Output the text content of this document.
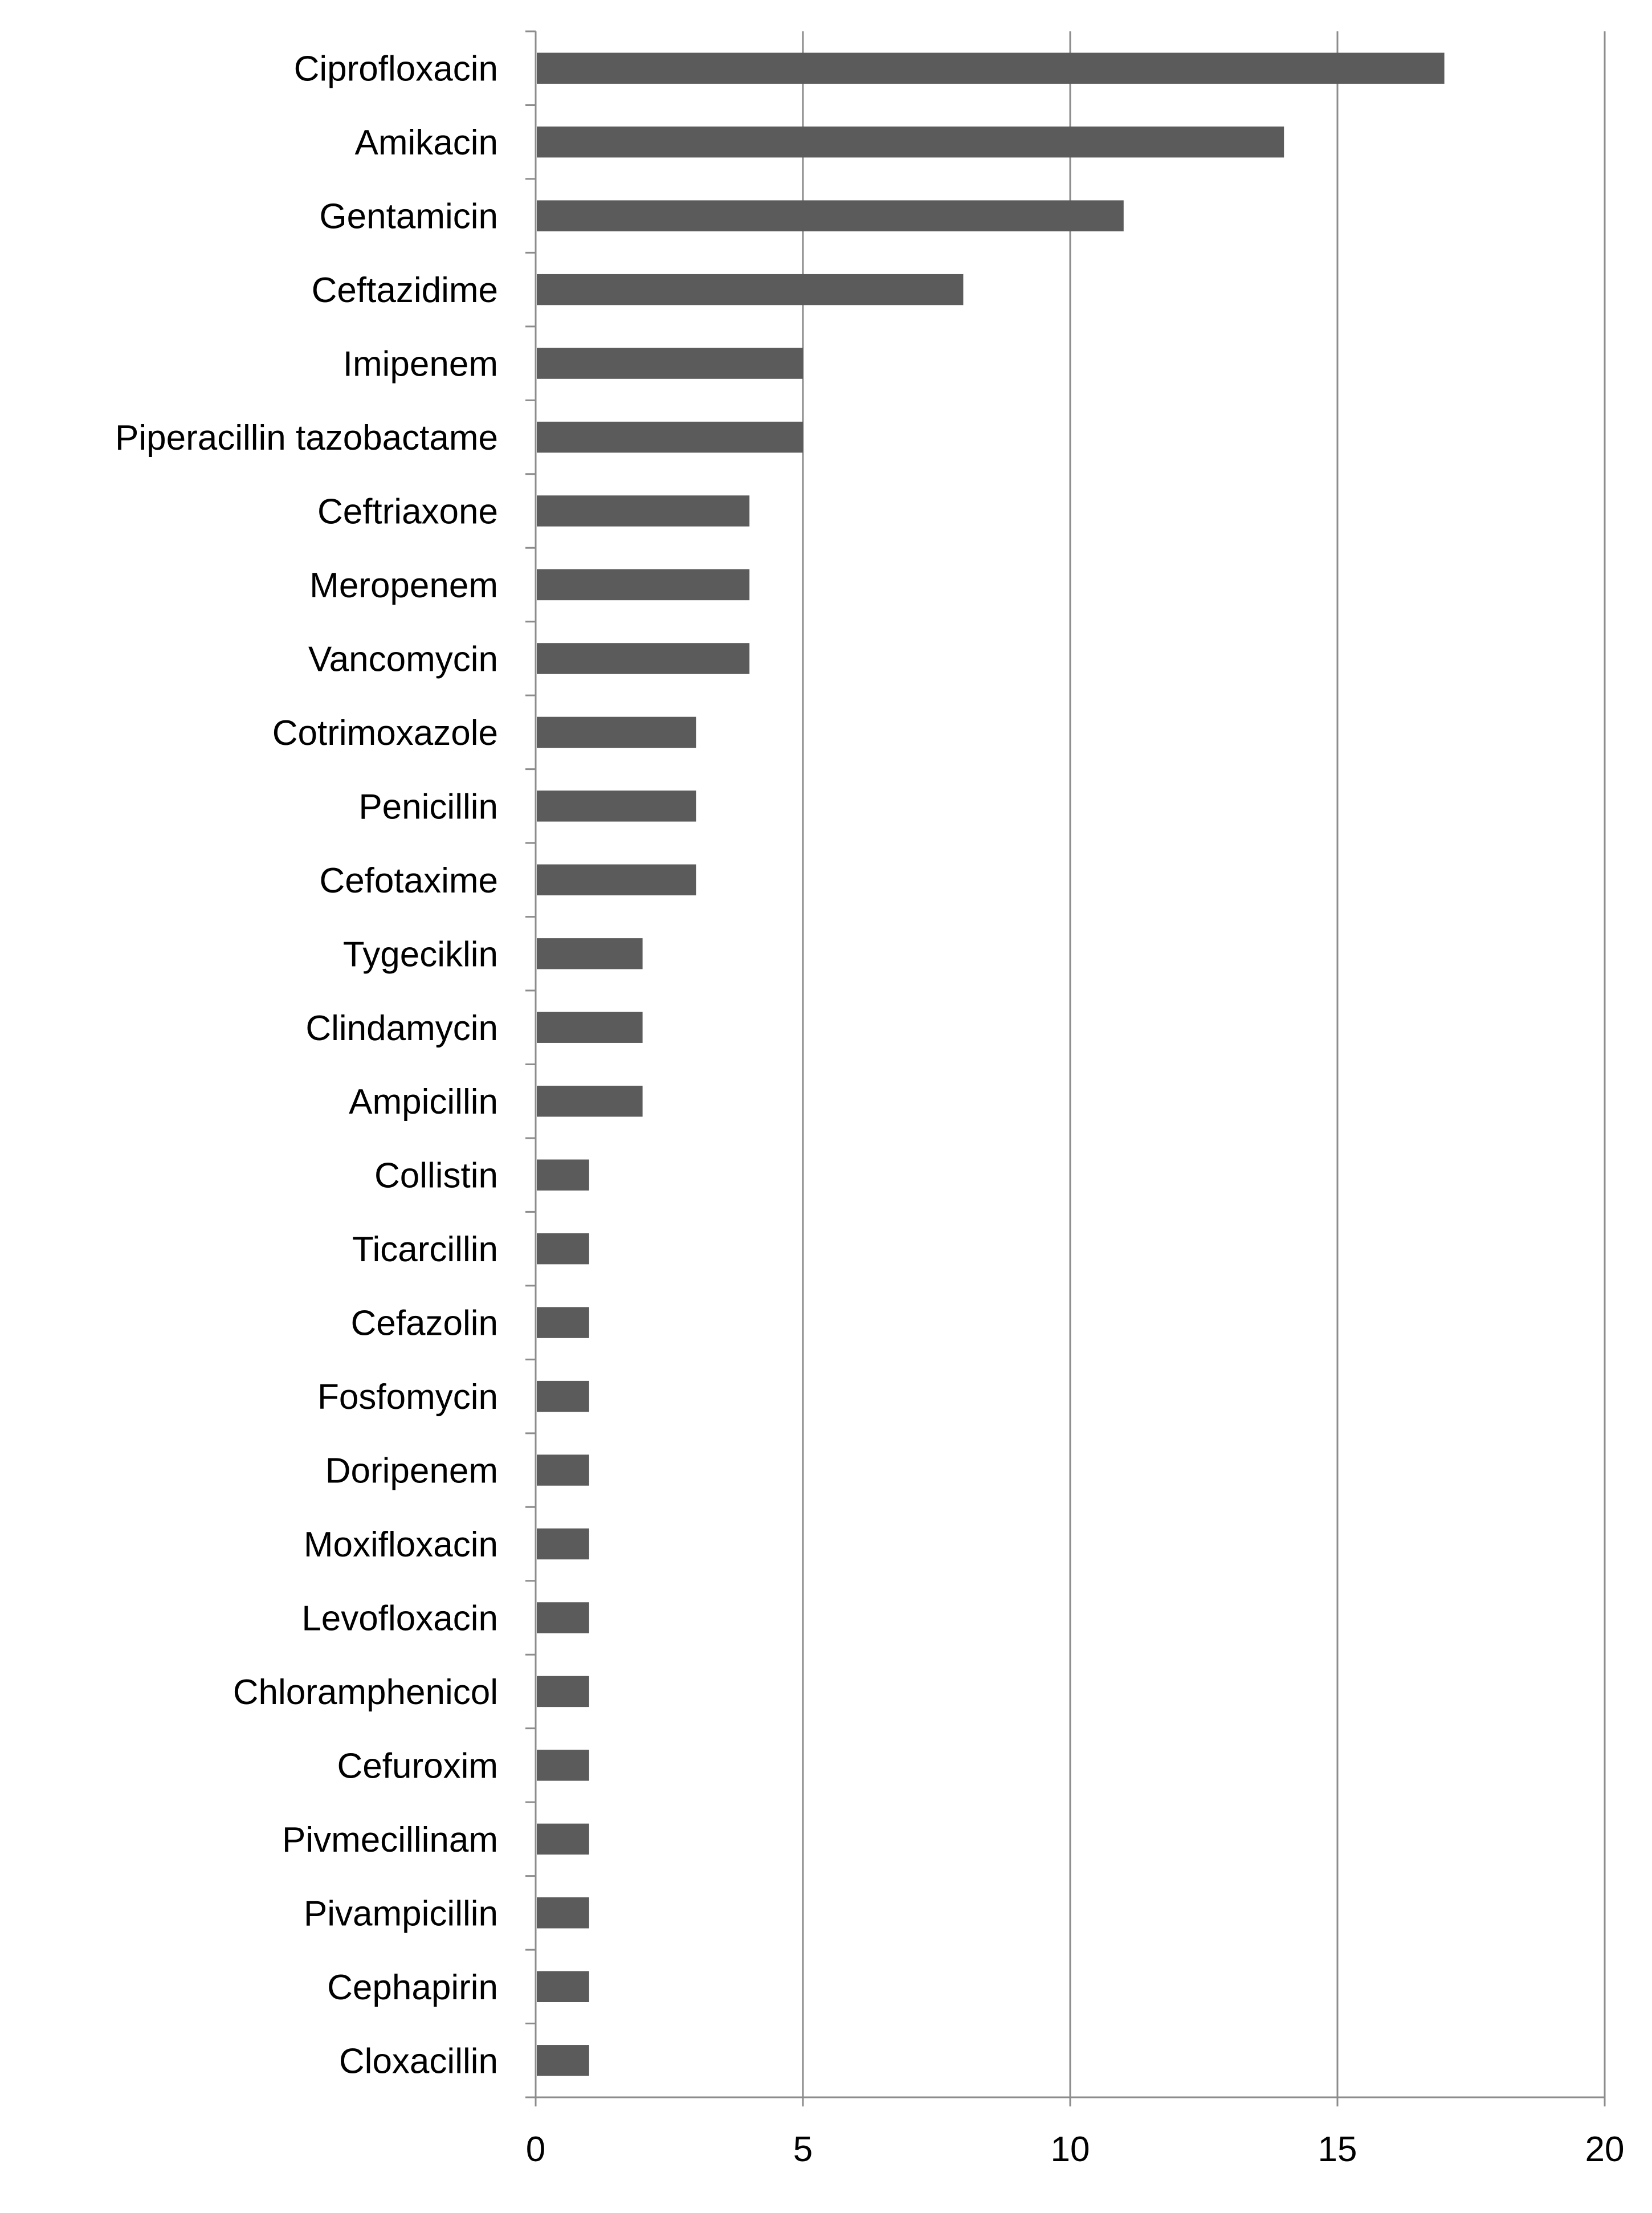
Ciprofloxacin
Amikacin
Gentamicin
Ceftazidime
Imipenem
Piperacillin tazobactame
Ceftriaxone
Meropenem
Vancomycin
Cotrimoxazole
Penicillin
Cefotaxime
Tygeciklin
Clindamycin
Ampicillin
Collistin
Ticarcillin
Cefazolin
Fosfomycin
Doripenem
Moxifloxacin
Levofloxacin
Chloramphenicol
Cefuroxim
Pivmecillinam
Pivampicillin
Cephapirin
Cloxacillin
0	5	10	15	20
